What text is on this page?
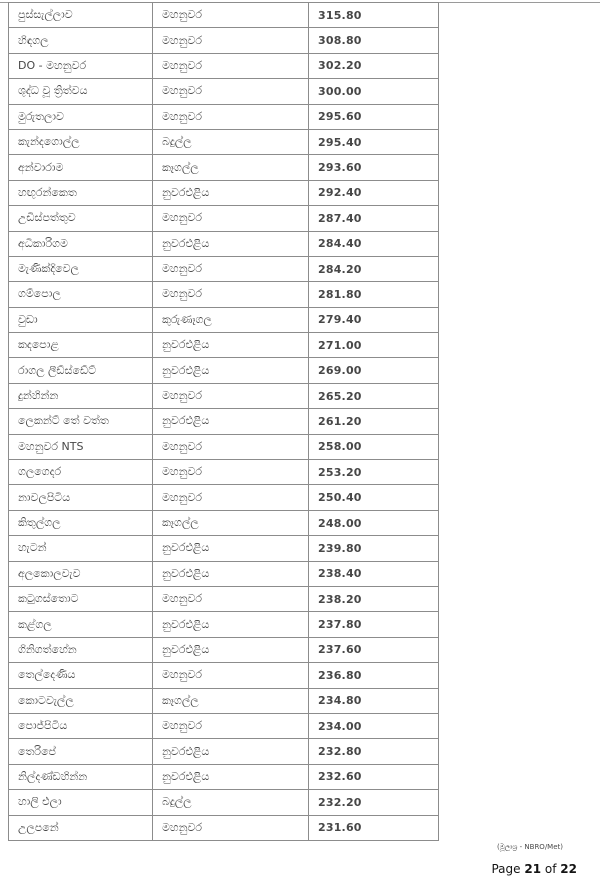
පුස්සැල්ලාව	මහනුවර	315.80
හිඳගල	මහනුවර	308.80
DO - මහනුවර	මහනුවර	302.20
ශුද්ධ වූ ත්‍රිත්වය	මහනුවර	300.00
මුරුතලාව	මහනුවර	295.60
කැන්දගොල්ල	බදුල්ල	295.40
අන්වාරාම	කෑගල්ල	293.60
හඟුරන්කෙත	නුවරඑළිය	292.40
උඩිස්පත්තුව	මහනුවර	287.40
අධිකාරිගම	නුවරඑළිය	284.40
මැණික්දිවෙල	මහනුවර	284.20
ගම්පොල	මහනුවර	281.80
වුඩා	කුරුණෑගල	279.40
කදපොළ	නුවරඑළිය	271.00
රාගල ලීඩ්ස්ඩේට්	නුවරඑළිය	269.00
දුන්හින්න	මහනුවර	265.20
ලෙකන්ට් තේ වත්ත	නුවරඑළිය	261.20
මහනුවර NTS	මහනුවර	258.00
ගලගෙදර	මහනුවර	253.20
නාවලපිටිය	මහනුවර	250.40
කිතුල්ගල	කෑගල්ල	248.00
හැටන්	නුවරඑළිය	239.80
අලකොලවැව	නුවරඑළිය	238.40
කටුගස්තොට	මහනුවර	238.20
කළ්ගල	නුවරඑළිය	237.80
ගිනිගත්හේන	නුවරඑළිය	237.60
තෙල්දෙණිය	මහනුවර	236.80
කොටවැල්ල	කෑගල්ල	234.80
පොජ්පිටිය	මහනුවර	234.00
තෙරිපේ	නුවරඑළිය	232.80
නිල්දණ්ඩහින්න	නුවරඑළිය	232.60
හාලි එලා	බදුල්ල	232.20
උලපනේ	මහනුවර	231.60
(මූලාශ්‍ර - NBRO/Met)
Page 21 of 22
